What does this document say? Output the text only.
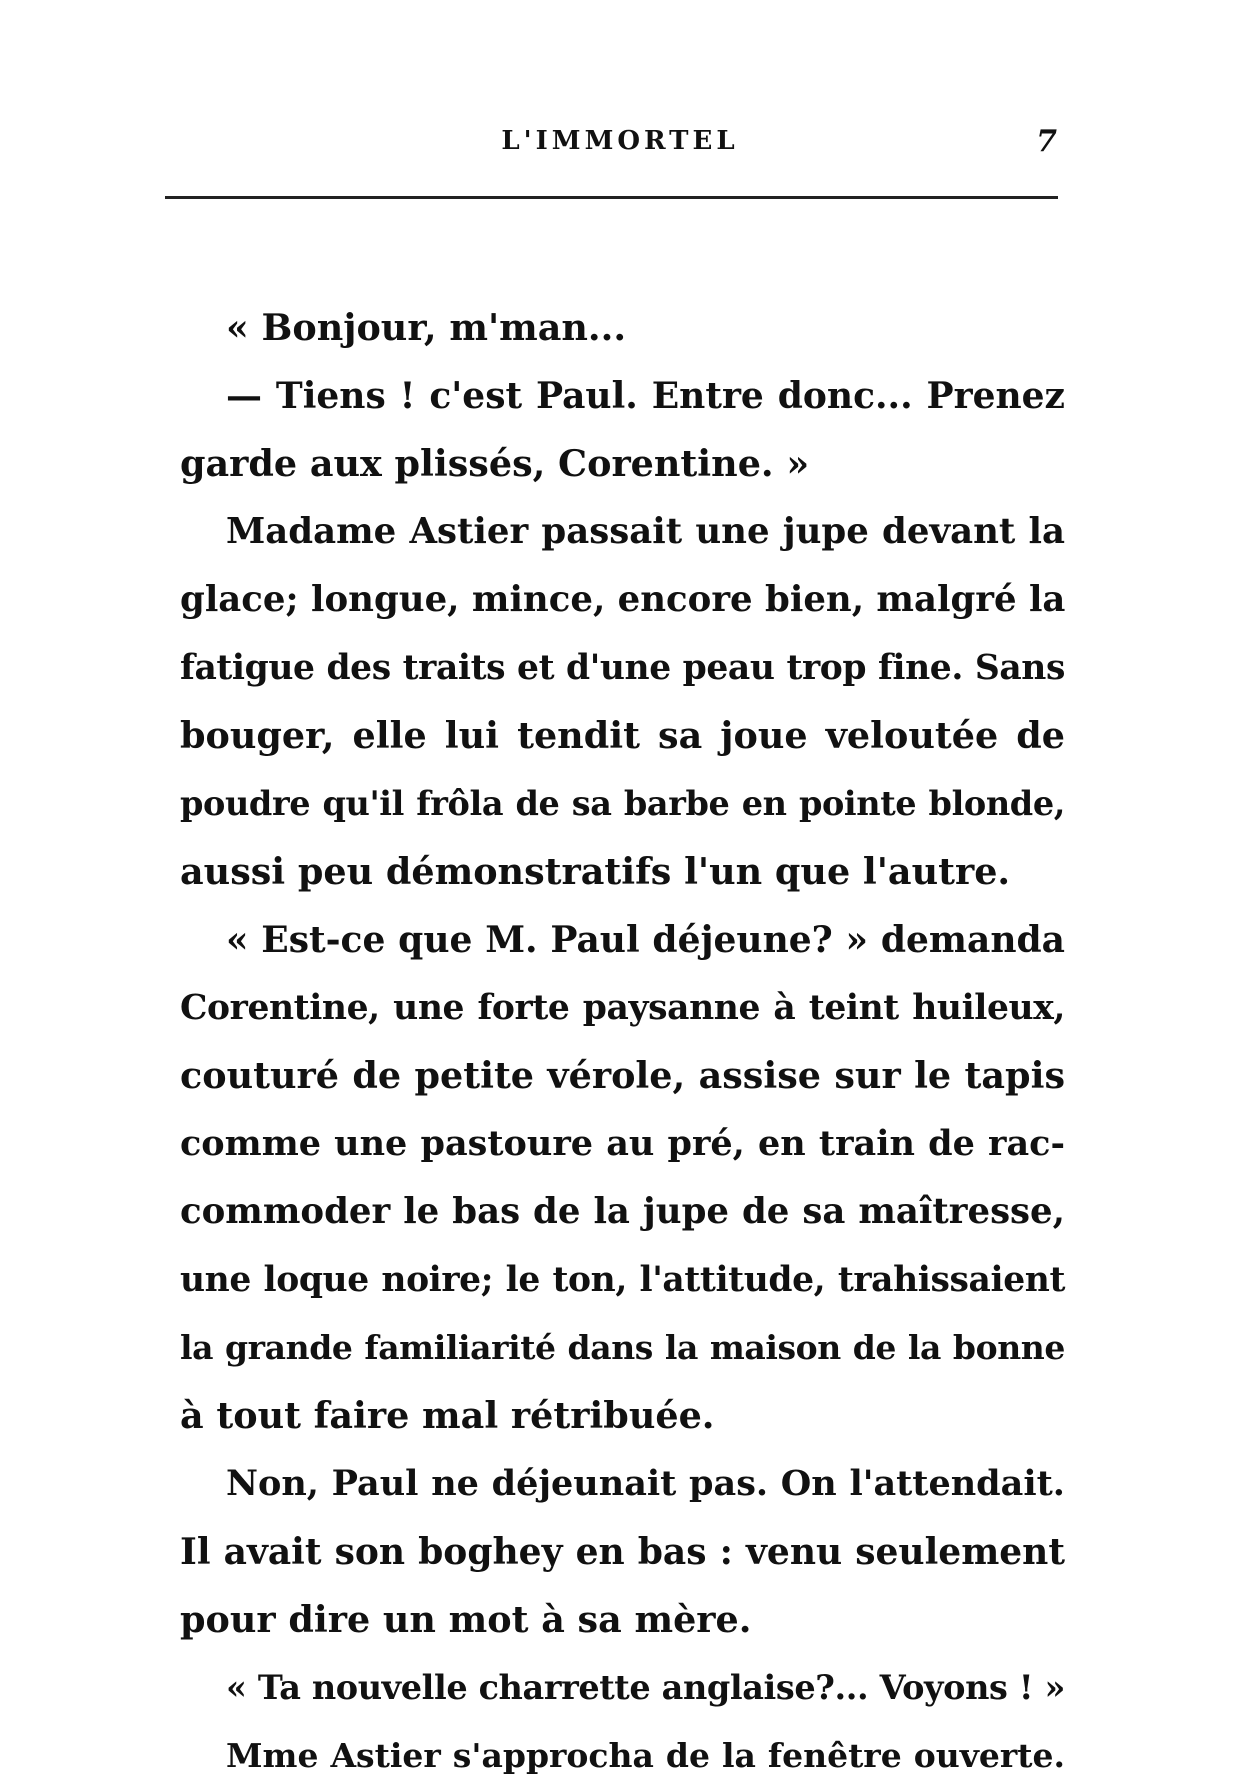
L'IMMORTEL	7
« Bonjour, m'man...
— Tiens ! c'est Paul. Entre donc... Prenez
garde aux plissés, Corentine. »
Madame Astier passait une jupe devant la
glace; longue, mince, encore bien, malgré la
fatigue des traits et d'une peau trop fine. Sans
bouger, elle lui tendit sa joue veloutée de
poudre qu'il frôla de sa barbe en pointe blonde,
aussi peu démonstratifs l'un que l'autre.
« Est-ce que M. Paul déjeune? » demanda
Corentine, une forte paysanne à teint huileux,
couturé de petite vérole, assise sur le tapis
comme une pastoure au pré, en train de rac-
commoder le bas de la jupe de sa maîtresse,
une loque noire; le ton, l'attitude, trahissaient
la grande familiarité dans la maison de la bonne
à tout faire mal rétribuée.
Non, Paul ne déjeunait pas. On l'attendait.
Il avait son boghey en bas : venu seulement
pour dire un mot à sa mère.
« Ta nouvelle charrette anglaise?... Voyons ! »
Mme Astier s'approcha de la fenêtre ouverte.
